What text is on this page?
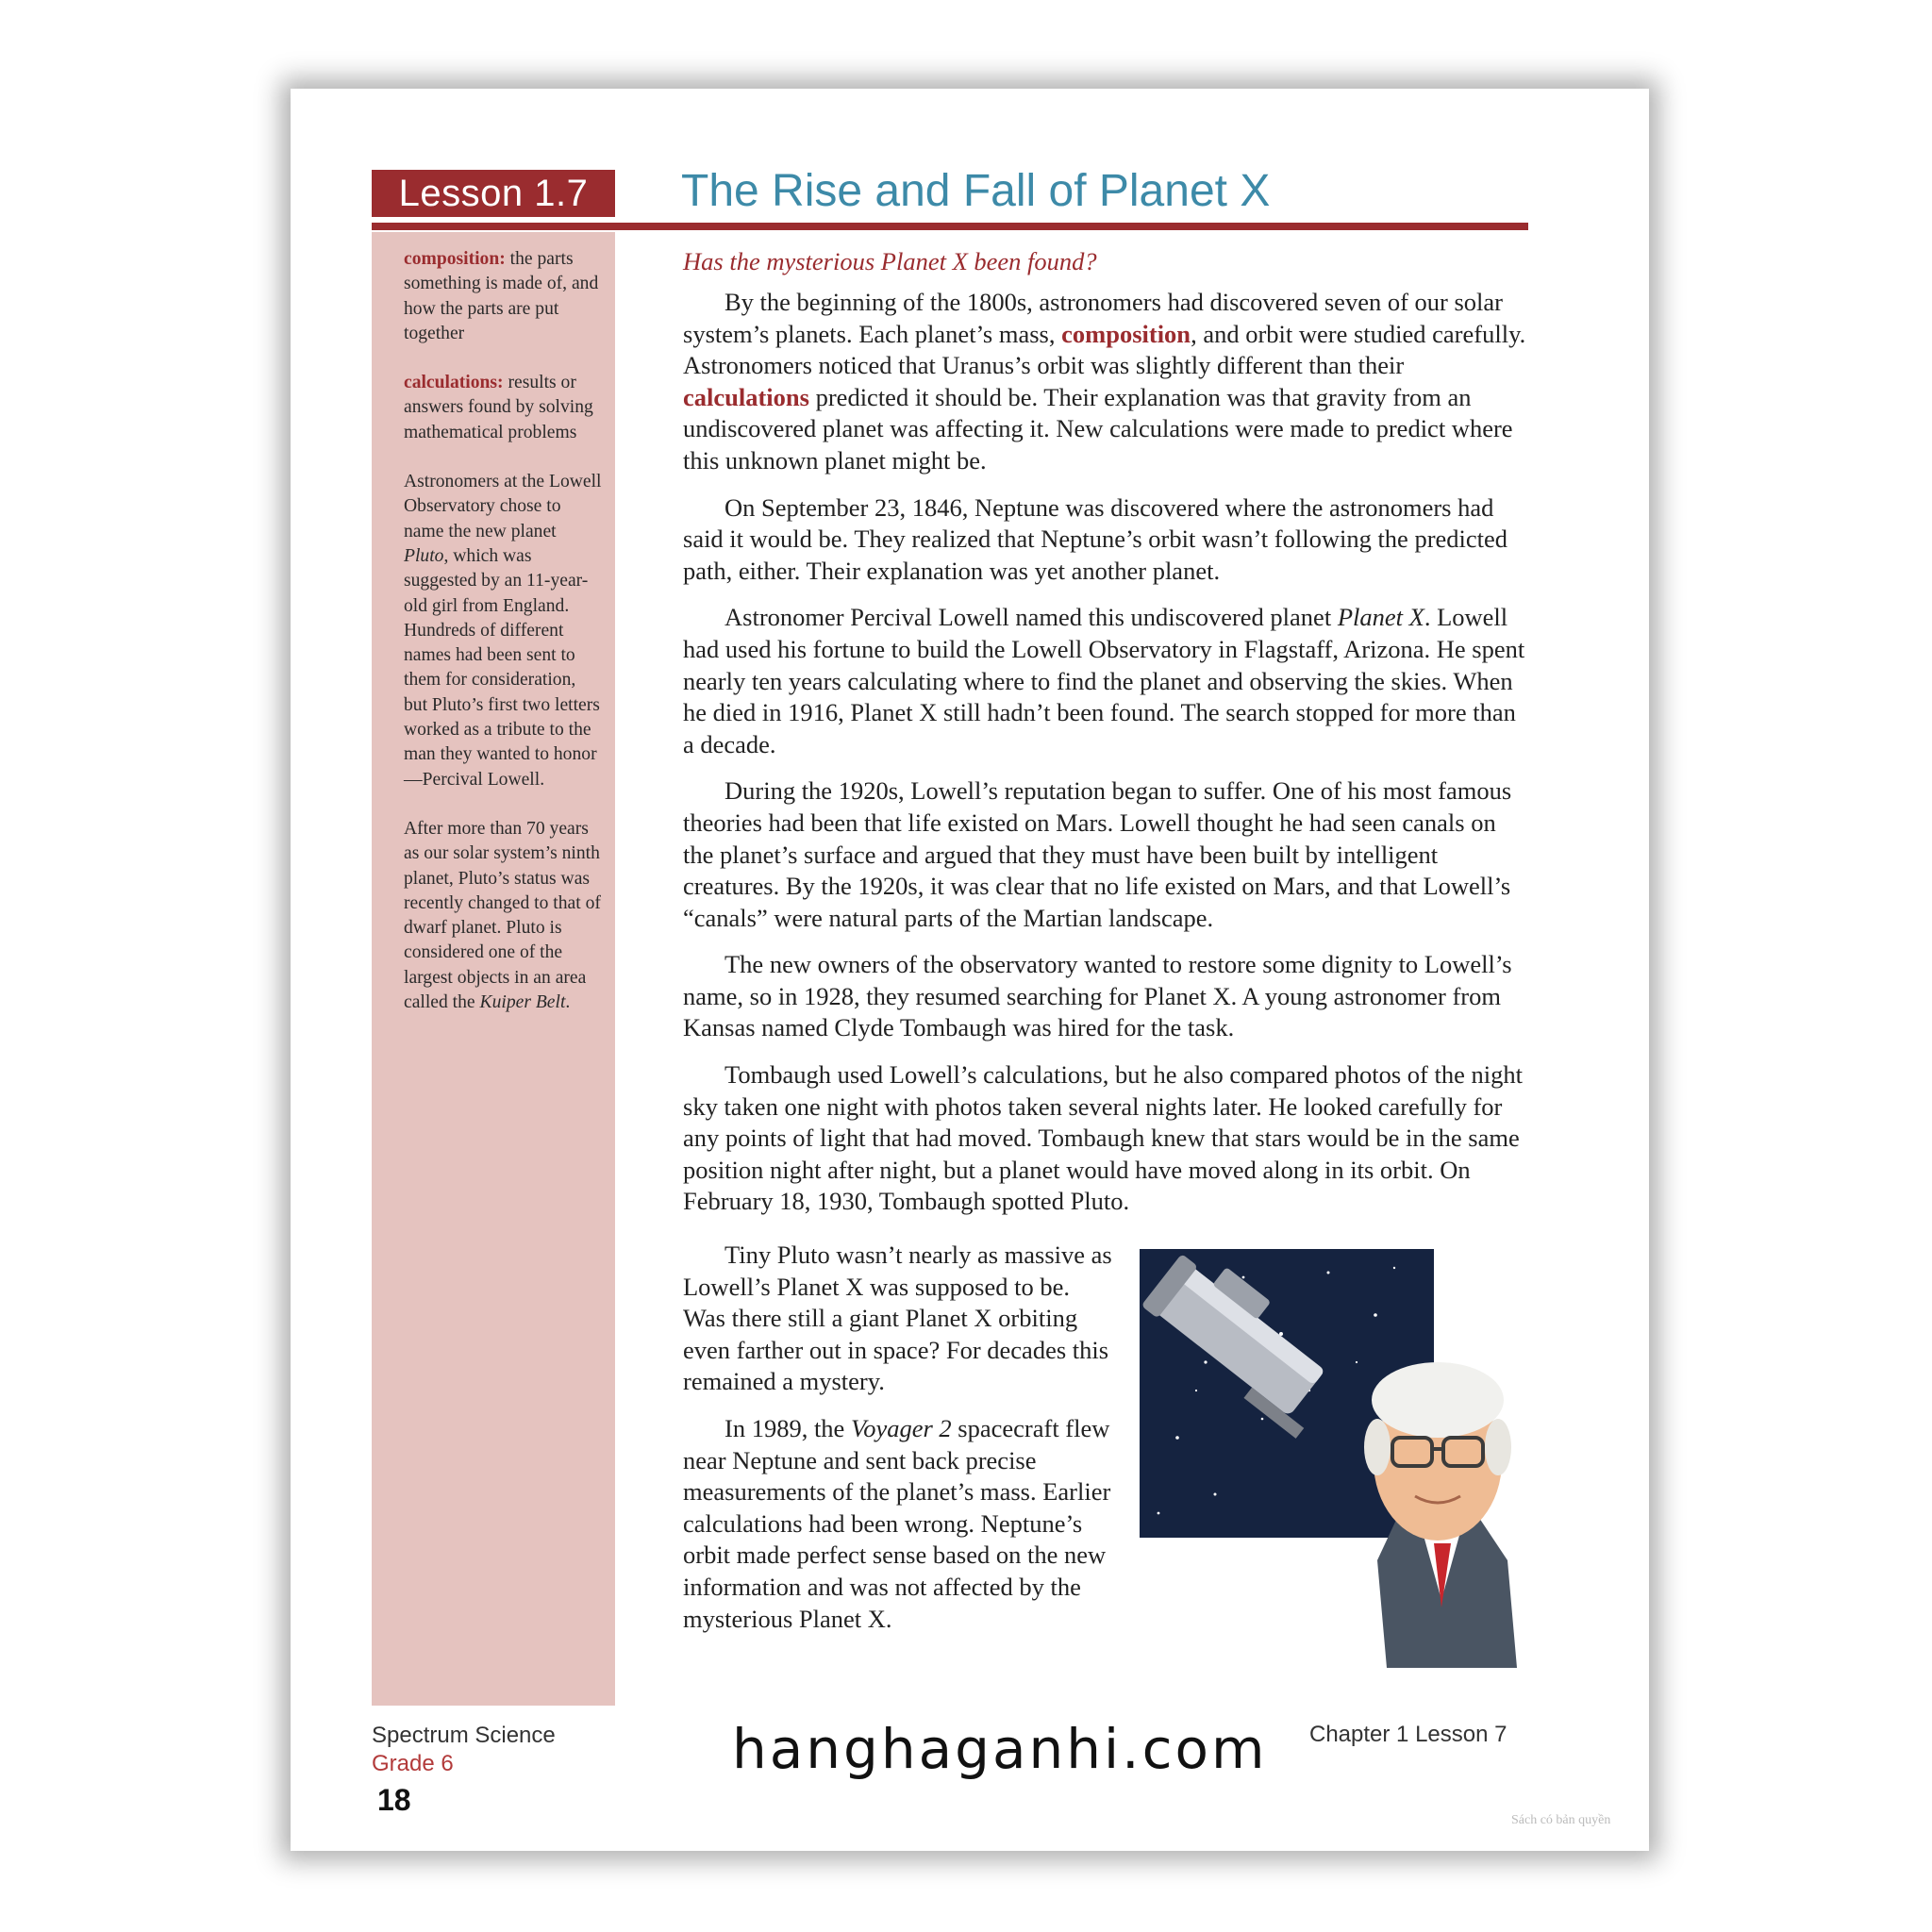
Lesson 1.7	The Rise and Fall of Planet X

composition: the parts something is made of, and how the parts are put together

calculations: results or answers found by solving mathematical problems

Astronomers at the Lowell Observatory chose to name the new planet Pluto, which was suggested by an 11-year-old girl from England. Hundreds of different names had been sent to them for consideration, but Pluto’s first two letters worked as a tribute to the man they wanted to honor—Percival Lowell.

After more than 70 years as our solar system’s ninth planet, Pluto’s status was recently changed to that of dwarf planet. Pluto is considered one of the largest objects in an area called the Kuiper Belt.

Has the mysterious Planet X been found?

By the beginning of the 1800s, astronomers had discovered seven of our solar system’s planets. Each planet’s mass, composition, and orbit were studied carefully. Astronomers noticed that Uranus’s orbit was slightly different than their calculations predicted it should be. Their explanation was that gravity from an undiscovered planet was affecting it. New calculations were made to predict where this unknown planet might be.

On September 23, 1846, Neptune was discovered where the astronomers had said it would be. They realized that Neptune’s orbit wasn’t following the predicted path, either. Their explanation was yet another planet.

Astronomer Percival Lowell named this undiscovered planet Planet X. Lowell had used his fortune to build the Lowell Observatory in Flagstaff, Arizona. He spent nearly ten years calculating where to find the planet and observing the skies. When he died in 1916, Planet X still hadn’t been found. The search stopped for more than a decade.

During the 1920s, Lowell’s reputation began to suffer. One of his most famous theories had been that life existed on Mars. Lowell thought he had seen canals on the planet’s surface and argued that they must have been built by intelligent creatures. By the 1920s, it was clear that no life existed on Mars, and that Lowell’s “canals” were natural parts of the Martian landscape.

The new owners of the observatory wanted to restore some dignity to Lowell’s name, so in 1928, they resumed searching for Planet X. A young astronomer from Kansas named Clyde Tombaugh was hired for the task.

Tombaugh used Lowell’s calculations, but he also compared photos of the night sky taken one night with photos taken several nights later. He looked carefully for any points of light that had moved. Tombaugh knew that stars would be in the same position night after night, but a planet would have moved along in its orbit. On February 18, 1930, Tombaugh spotted Pluto.

Tiny Pluto wasn’t nearly as massive as Lowell’s Planet X was supposed to be. Was there still a giant Planet X orbiting even farther out in space? For decades this remained a mystery.

In 1989, the Voyager 2 spacecraft flew near Neptune and sent back precise measurements of the planet’s mass. Earlier calculations had been wrong. Neptune’s orbit made perfect sense based on the new information and was not affected by the mysterious Planet X.

Spectrum Science
Grade 6
18
hanghaganhi.com Chapter 1 Lesson 7
Sách có bản quyền
